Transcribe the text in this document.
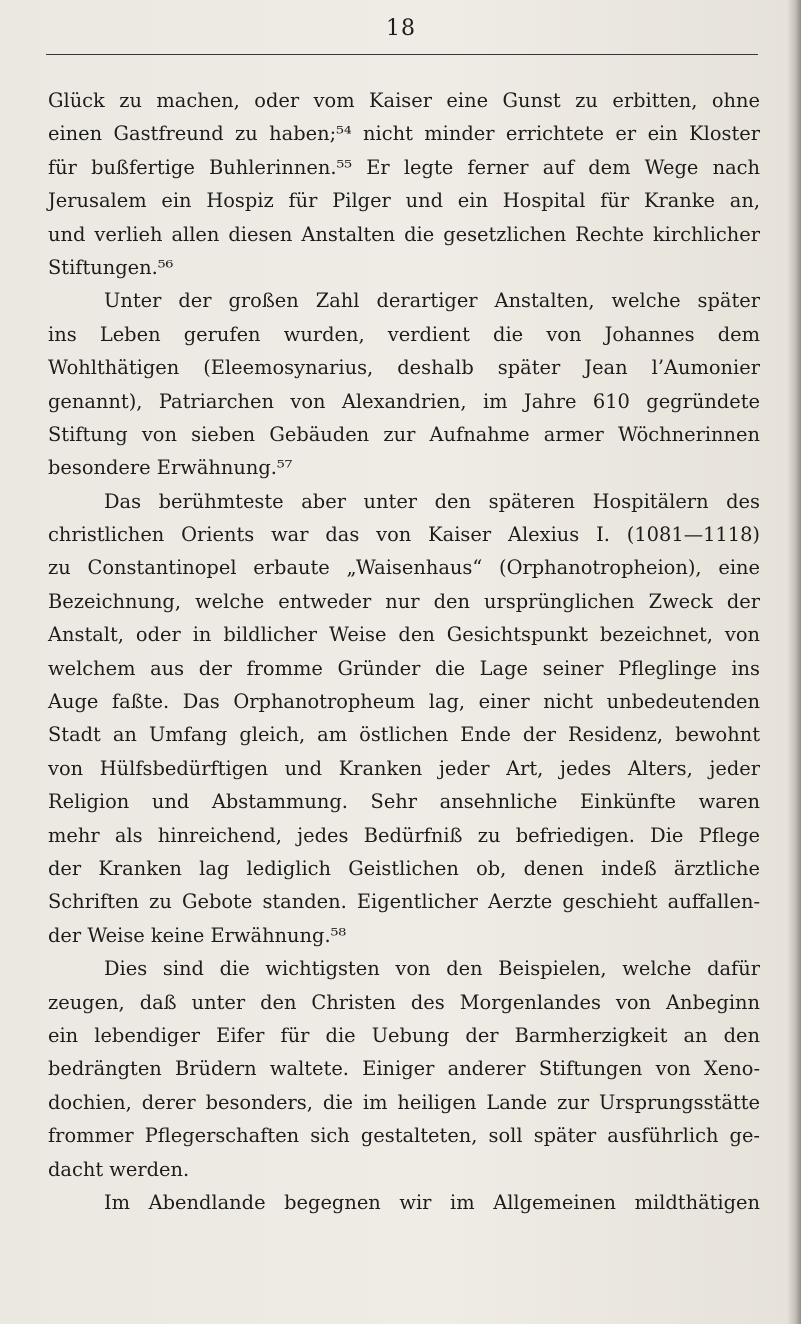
18
Glück zu machen, oder vom Kaiser eine Gunst zu erbitten, ohne
einen Gastfreund zu haben;⁵⁴ nicht minder errichtete er ein Kloster
für bußfertige Buhlerinnen.⁵⁵ Er legte ferner auf dem Wege nach
Jerusalem ein Hospiz für Pilger und ein Hospital für Kranke an,
und verlieh allen diesen Anstalten die gesetzlichen Rechte kirchlicher
Stiftungen.⁵⁶
Unter der großen Zahl derartiger Anstalten, welche später
ins Leben gerufen wurden, verdient die von Johannes dem
Wohlthätigen (Eleemosynarius, deshalb später Jean l’Aumonier
genannt), Patriarchen von Alexandrien, im Jahre 610 gegründete
Stiftung von sieben Gebäuden zur Aufnahme armer Wöchnerinnen
besondere Erwähnung.⁵⁷
Das berühmteste aber unter den späteren Hospitälern des
christlichen Orients war das von Kaiser Alexius I. (1081—1118)
zu Constantinopel erbaute „Waisenhaus“ (Orphanotropheion), eine
Bezeichnung, welche entweder nur den ursprünglichen Zweck der
Anstalt, oder in bildlicher Weise den Gesichtspunkt bezeichnet, von
welchem aus der fromme Gründer die Lage seiner Pfleglinge ins
Auge faßte. Das Orphanotropheum lag, einer nicht unbedeutenden
Stadt an Umfang gleich, am östlichen Ende der Residenz, bewohnt
von Hülfsbedürftigen und Kranken jeder Art, jedes Alters, jeder
Religion und Abstammung. Sehr ansehnliche Einkünfte waren
mehr als hinreichend, jedes Bedürfniß zu befriedigen. Die Pflege
der Kranken lag lediglich Geistlichen ob, denen indeß ärztliche
Schriften zu Gebote standen. Eigentlicher Aerzte geschieht auffallen-
der Weise keine Erwähnung.⁵⁸
Dies sind die wichtigsten von den Beispielen, welche dafür
zeugen, daß unter den Christen des Morgenlandes von Anbeginn
ein lebendiger Eifer für die Uebung der Barmherzigkeit an den
bedrängten Brüdern waltete. Einiger anderer Stiftungen von Xeno-
dochien, derer besonders, die im heiligen Lande zur Ursprungsstätte
frommer Pflegerschaften sich gestalteten, soll später ausführlich ge-
dacht werden.
Im Abendlande begegnen wir im Allgemeinen mildthätigen
